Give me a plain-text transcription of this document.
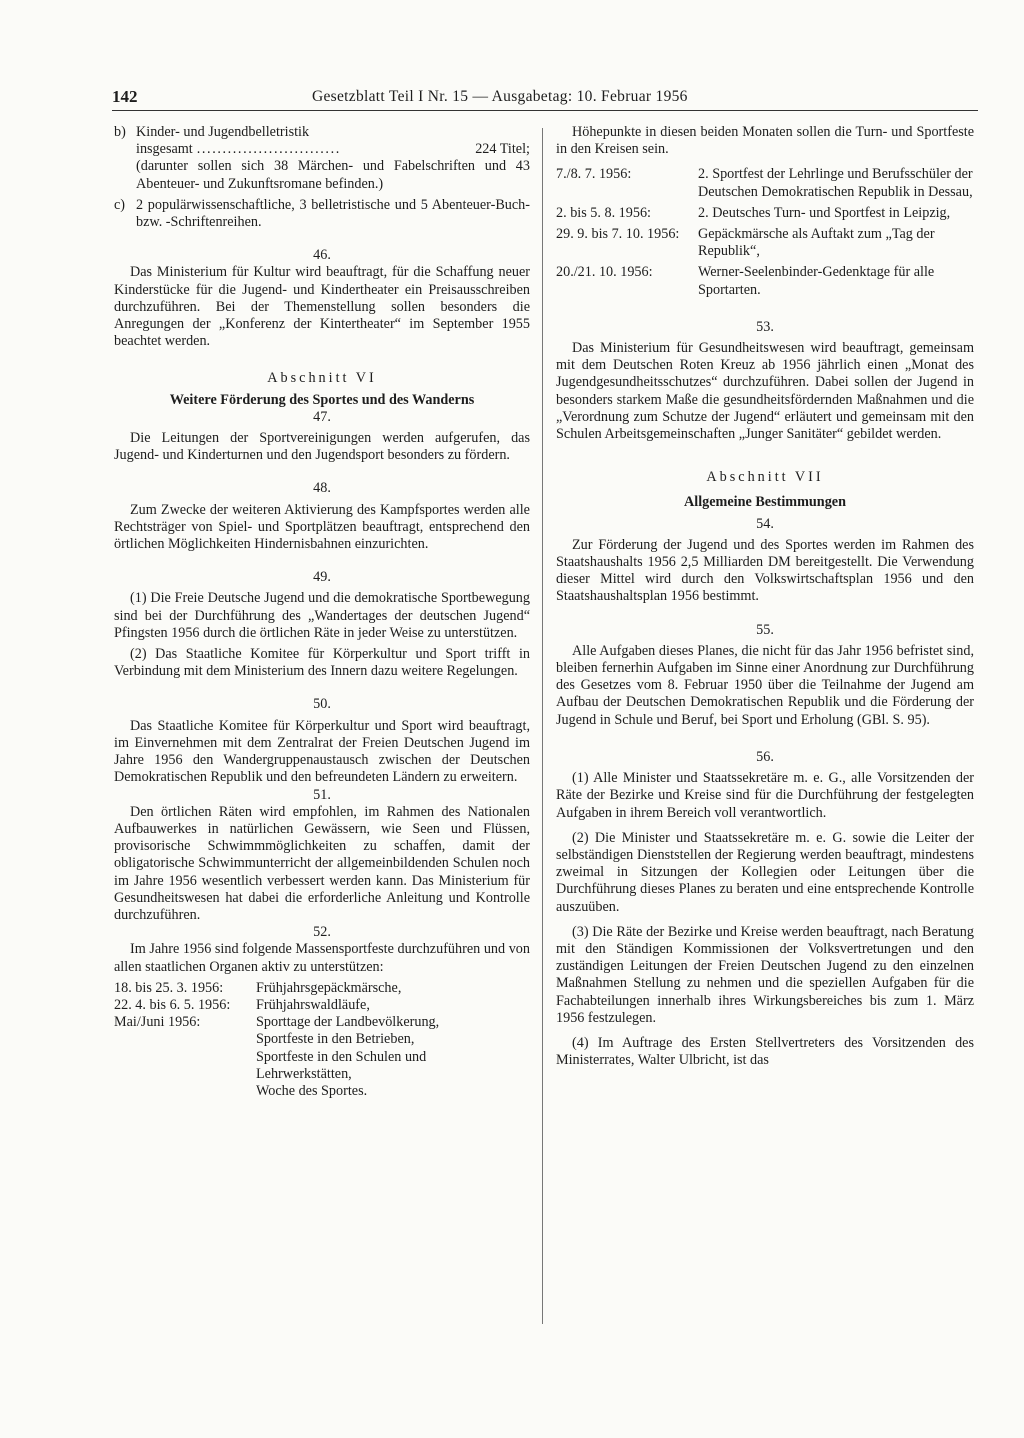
142	Gesetzblatt Teil I Nr. 15 — Ausgabetag: 10. Februar 1956
b) Kinder- und Jugendbelletristik
insgesamt ............................	224 Titel;
(darunter sollen sich 38 Märchen- und Fabelschriften und 43 Abenteuer- und Zukunftsromane befinden.)
c) 2 populärwissenschaftliche, 3 belletristische und 5 Abenteuer-Buch- bzw. -Schriftenreihen.

46.

Das Ministerium für Kultur wird beauftragt, für die Schaffung neuer Kinderstücke für die Jugend- und Kindertheater ein Preisausschreiben durchzuführen. Bei der Themenstellung sollen besonders die Anregungen der „Konferenz der Kintertheater“ im September 1955 beachtet werden.

Abschnitt VI

Weitere Förderung des Sportes und des Wanderns

47.

Die Leitungen der Sportvereinigungen werden aufgerufen, das Jugend- und Kinderturnen und den Jugendsport besonders zu fördern.

48.

Zum Zwecke der weiteren Aktivierung des Kampfsportes werden alle Rechtsträger von Spiel- und Sportplätzen beauftragt, entsprechend den örtlichen Möglichkeiten Hindernisbahnen einzurichten.

49.

(1) Die Freie Deutsche Jugend und die demokratische Sportbewegung sind bei der Durchführung des „Wandertages der deutschen Jugend“ Pfingsten 1956 durch die örtlichen Räte in jeder Weise zu unterstützen.

(2) Das Staatliche Komitee für Körperkultur und Sport trifft in Verbindung mit dem Ministerium des Innern dazu weitere Regelungen.

50.

Das Staatliche Komitee für Körperkultur und Sport wird beauftragt, im Einvernehmen mit dem Zentralrat der Freien Deutschen Jugend im Jahre 1956 den Wandergruppenaustausch zwischen der Deutschen Demokratischen Republik und den befreundeten Ländern zu erweitern.

51.

Den örtlichen Räten wird empfohlen, im Rahmen des Nationalen Aufbauwerkes in natürlichen Gewässern, wie Seen und Flüssen, provisorische Schwimmmöglichkeiten zu schaffen, damit der obligatorische Schwimmunterricht der allgemeinbildenden Schulen noch im Jahre 1956 wesentlich verbessert werden kann. Das Ministerium für Gesundheitswesen hat dabei die erforderliche Anleitung und Kontrolle durchzuführen.

52.

Im Jahre 1956 sind folgende Massensportfeste durchzuführen und von allen staatlichen Organen aktiv zu unterstützen:

18. bis 25. 3. 1956:	Frühjahrsgepäckmärsche,
22. 4. bis 6. 5. 1956:	Frühjahrswaldläufe,
Mai/Juni 1956:	Sporttage der Landbevölkerung,
Sportfeste in den Betrieben,
Sportfeste in den Schulen und Lehrwerkstätten,
Woche des Sportes.

Höhepunkte in diesen beiden Monaten sollen die Turn- und Sportfeste in den Kreisen sein.

7./8. 7. 1956:	2. Sportfest der Lehrlinge und Berufsschüler der Deutschen Demokratischen Republik in Dessau,
2. bis 5. 8. 1956:	2. Deutsches Turn- und Sportfest in Leipzig,
29. 9. bis 7. 10. 1956:	Gepäckmärsche als Auftakt zum „Tag der Republik“,
20./21. 10. 1956:	Werner-Seelenbinder-Gedenktage für alle Sportarten.

53.

Das Ministerium für Gesundheitswesen wird beauftragt, gemeinsam mit dem Deutschen Roten Kreuz ab 1956 jährlich einen „Monat des Jugendgesundheitsschutzes“ durchzuführen. Dabei sollen der Jugend in besonders starkem Maße die gesundheitsfördernden Maßnahmen und die „Verordnung zum Schutze der Jugend“ erläutert und gemeinsam mit den Schulen Arbeitsgemeinschaften „Junger Sanitäter“ gebildet werden.

Abschnitt VII

Allgemeine Bestimmungen

54.

Zur Förderung der Jugend und des Sportes werden im Rahmen des Staatshaushalts 1956 2,5 Milliarden DM bereitgestellt. Die Verwendung dieser Mittel wird durch den Volkswirtschaftsplan 1956 und den Staatshaushaltsplan 1956 bestimmt.

55.

Alle Aufgaben dieses Planes, die nicht für das Jahr 1956 befristet sind, bleiben fernerhin Aufgaben im Sinne einer Anordnung zur Durchführung des Gesetzes vom 8. Februar 1950 über die Teilnahme der Jugend am Aufbau der Deutschen Demokratischen Republik und die Förderung der Jugend in Schule und Beruf, bei Sport und Erholung (GBl. S. 95).

56.

(1) Alle Minister und Staatssekretäre m. e. G., alle Vorsitzenden der Räte der Bezirke und Kreise sind für die Durchführung der festgelegten Aufgaben in ihrem Bereich voll verantwortlich.

(2) Die Minister und Staatssekretäre m. e. G. sowie die Leiter der selbständigen Dienststellen der Regierung werden beauftragt, mindestens zweimal in Sitzungen der Kollegien oder Leitungen über die Durchführung dieses Planes zu beraten und eine entsprechende Kontrolle auszuüben.

(3) Die Räte der Bezirke und Kreise werden beauftragt, nach Beratung mit den Ständigen Kommissionen der Volksvertretungen und den zuständigen Leitungen der Freien Deutschen Jugend zu den einzelnen Maßnahmen Stellung zu nehmen und die speziellen Aufgaben für die Fachabteilungen innerhalb ihres Wirkungsbereiches bis zum 1. März 1956 festzulegen.

(4) Im Auftrage des Ersten Stellvertreters des Vorsitzenden des Ministerrates, Walter Ulbricht, ist das
